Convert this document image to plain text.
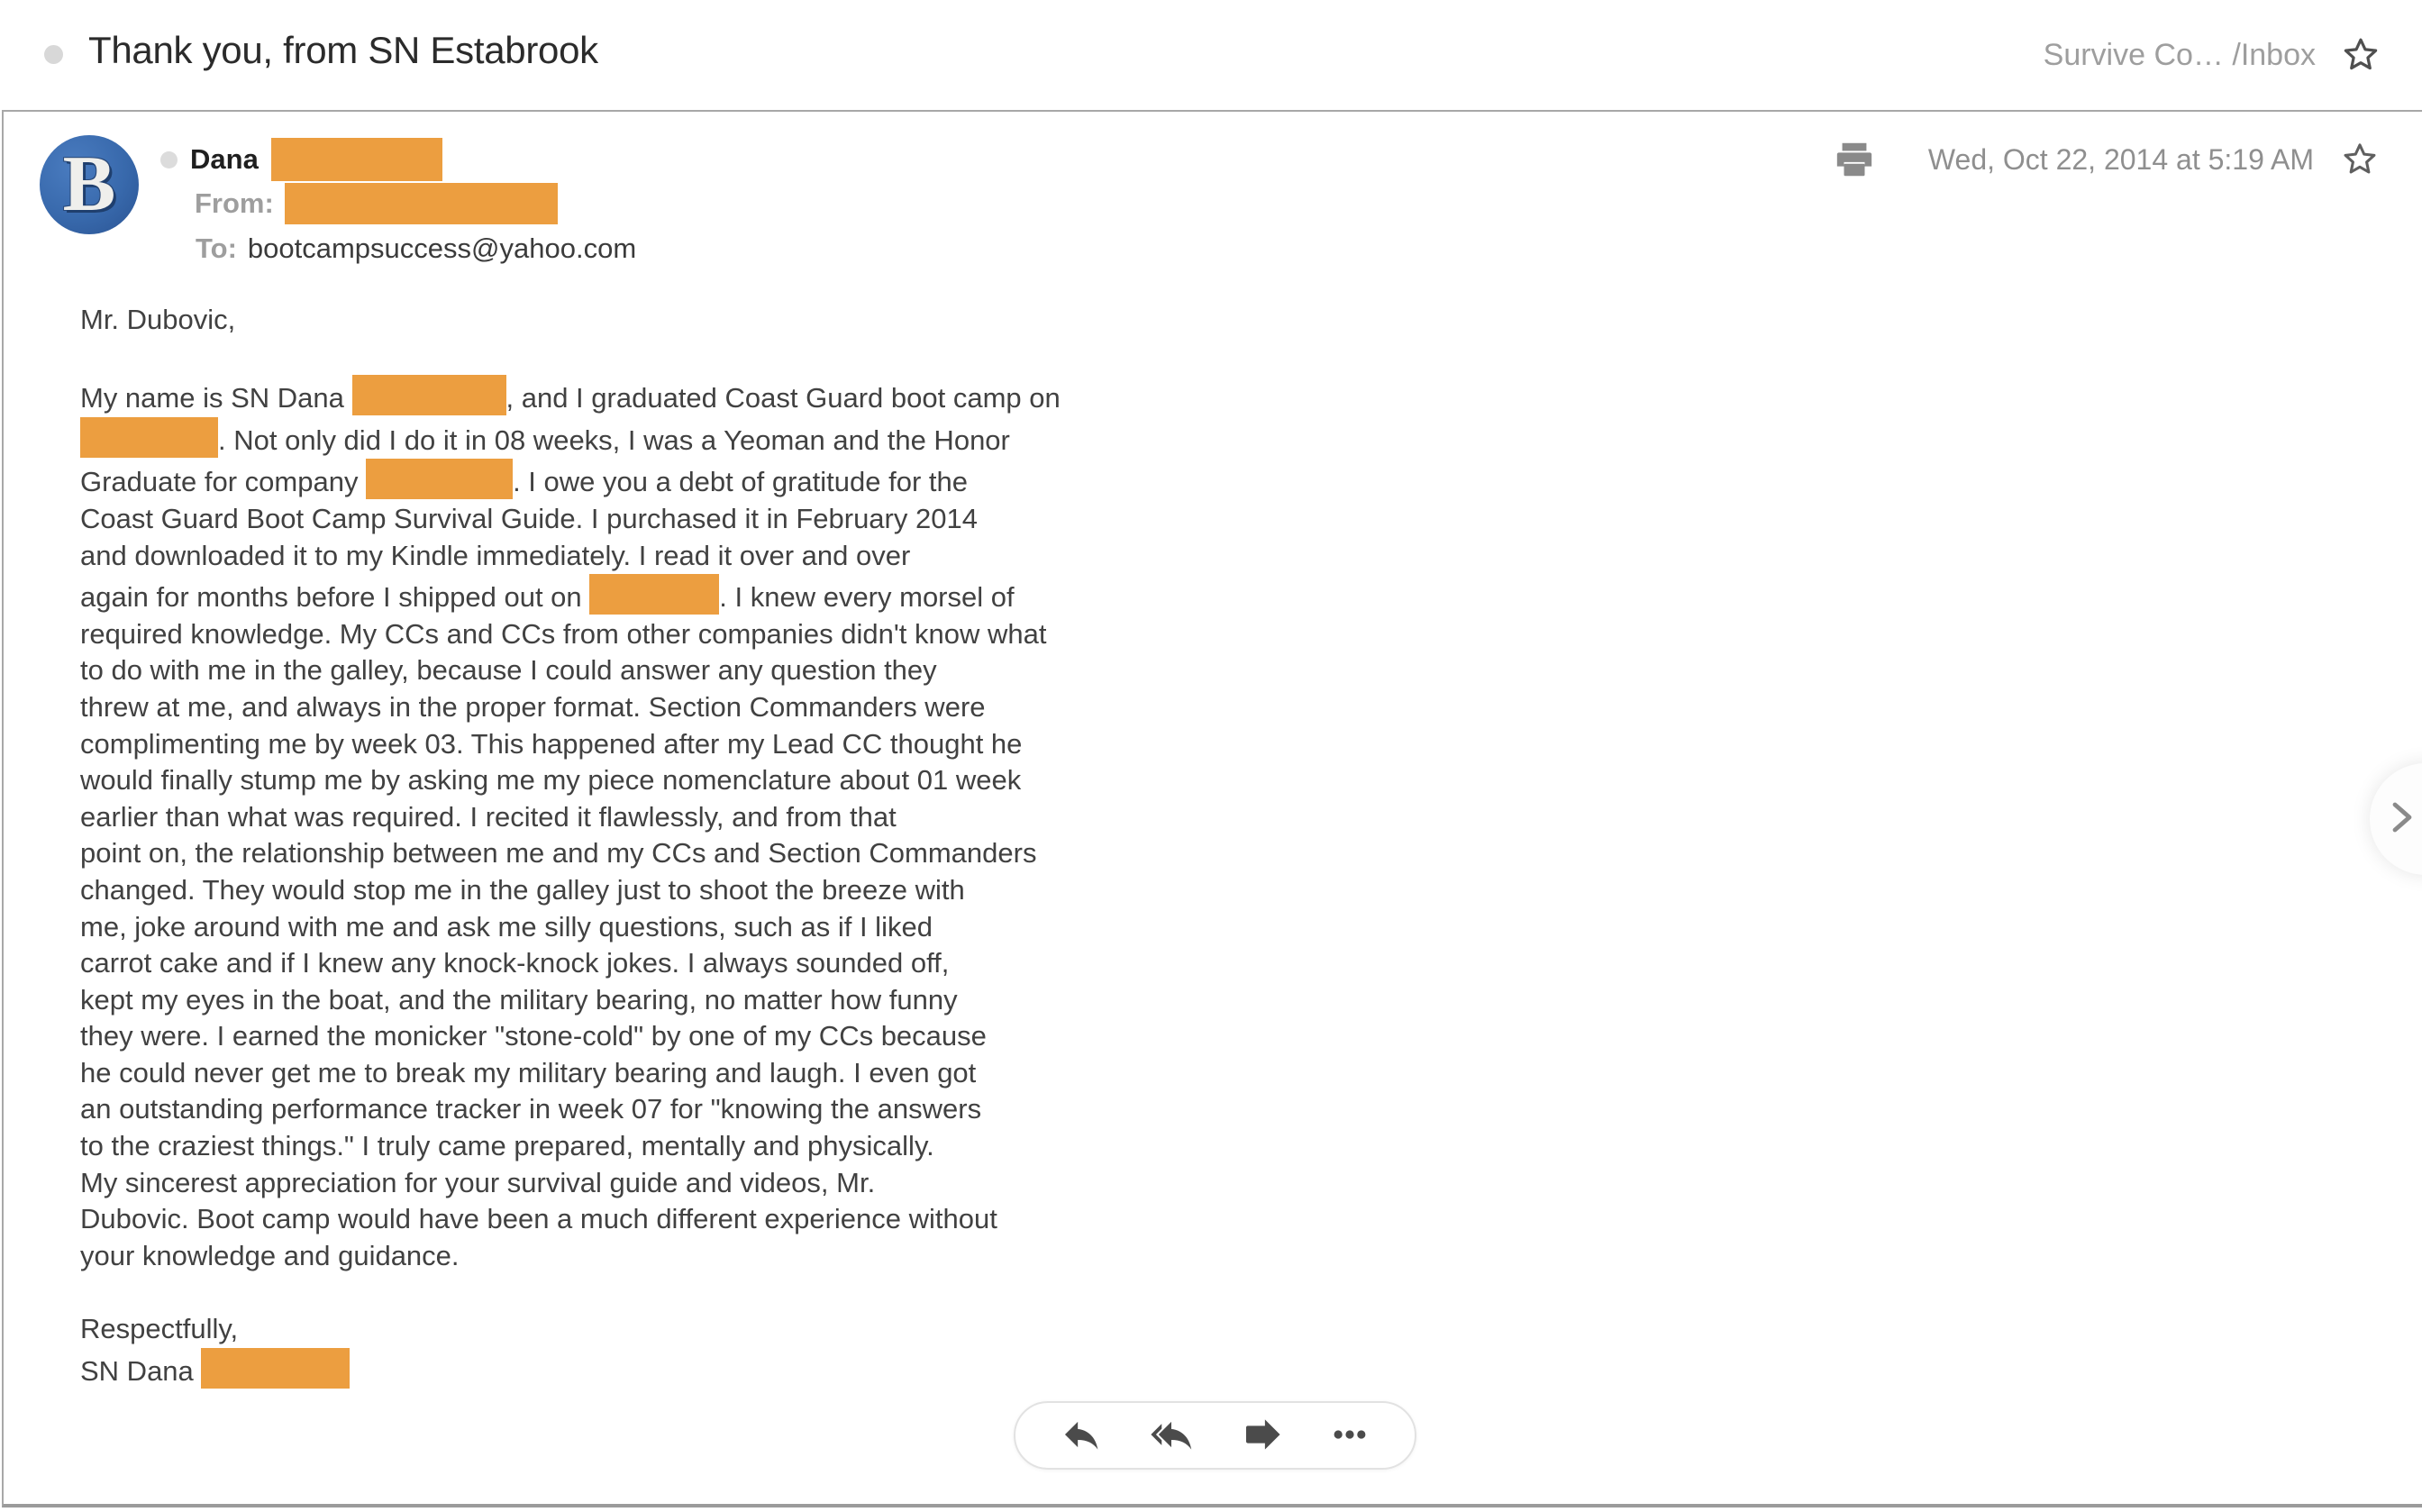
Thank you, from SN Estabrook	Survive Co… /Inbox
B	Dana
From:
To: bootcampsuccess@yahoo.com
Wed, Oct 22, 2014 at 5:19 AM
Mr. Dubovic,
My name is SN Dana	, and I graduated Coast Guard boot camp on
. Not only did I do it in 08 weeks, I was a Yeoman and the Honor
Graduate for company	. I owe you a debt of gratitude for the
Coast Guard Boot Camp Survival Guide. I purchased it in February 2014
and downloaded it to my Kindle immediately. I read it over and over
again for months before I shipped out on	. I knew every morsel of
required knowledge. My CCs and CCs from other companies didn't know what
to do with me in the galley, because I could answer any question they
threw at me, and always in the proper format. Section Commanders were
complimenting me by week 03. This happened after my Lead CC thought he
would finally stump me by asking me my piece nomenclature about 01 week
earlier than what was required. I recited it flawlessly, and from that
point on, the relationship between me and my CCs and Section Commanders
changed. They would stop me in the galley just to shoot the breeze with
me, joke around with me and ask me silly questions, such as if I liked
carrot cake and if I knew any knock-knock jokes. I always sounded off,
kept my eyes in the boat, and the military bearing, no matter how funny
they were. I earned the monicker "stone-cold" by one of my CCs because
he could never get me to break my military bearing and laugh. I even got
an outstanding performance tracker in week 07 for "knowing the answers
to the craziest things." I truly came prepared, mentally and physically.
My sincerest appreciation for your survival guide and videos, Mr.
Dubovic. Boot camp would have been a much different experience without
your knowledge and guidance.
Respectfully,
SN Dana
